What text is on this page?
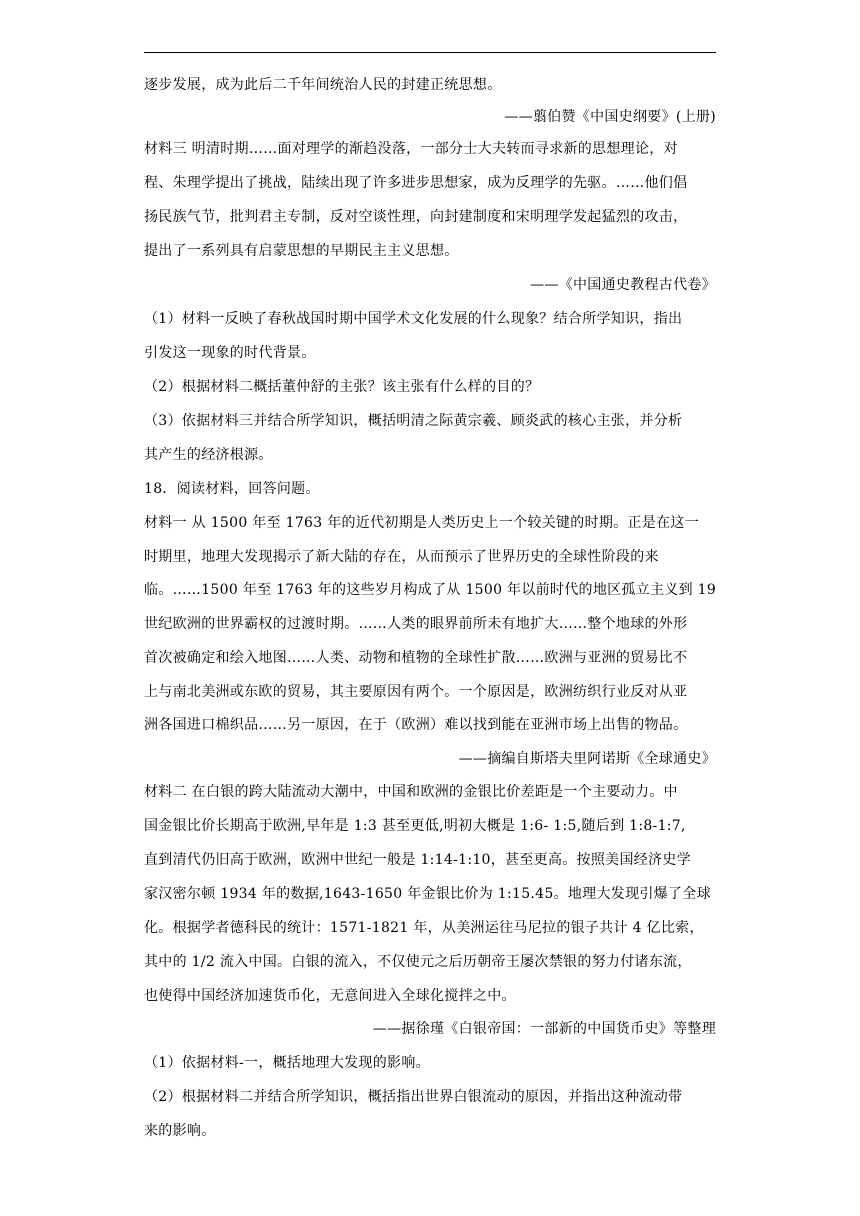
逐步发展，成为此后二千年间统治人民的封建正统思想。
——翦伯赞《中国史纲要》(上册)
材料三 明清时期……面对理学的渐趋没落，一部分士大夫转而寻求新的思想理论，对
程、朱理学提出了挑战，陆续出现了许多进步思想家，成为反理学的先驱。……他们倡
扬民族气节，批判君主专制，反对空谈性理，向封建制度和宋明理学发起猛烈的攻击，
提出了一系列具有启蒙思想的早期民主主义思想。
——《中国通史教程古代卷》
（1）材料一反映了春秋战国时期中国学术文化发展的什么现象？结合所学知识，指出
引发这一现象的时代背景。
（2）根据材料二概括董仲舒的主张？该主张有什么样的目的？
（3）依据材料三并结合所学知识，概括明清之际黄宗羲、顾炎武的核心主张，并分析
其产生的经济根源。
18．阅读材料，回答问题。
材料一 从 1500 年至 1763 年的近代初期是人类历史上一个较关键的时期。正是在这一
时期里，地理大发现揭示了新大陆的存在，从而预示了世界历史的全球性阶段的来
临。……1500 年至 1763 年的这些岁月构成了从 1500 年以前时代的地区孤立主义到 19
世纪欧洲的世界霸权的过渡时期。……人类的眼界前所未有地扩大……整个地球的外形
首次被确定和绘入地图……人类、动物和植物的全球性扩散……欧洲与亚洲的贸易比不
上与南北美洲或东欧的贸易，其主要原因有两个。一个原因是，欧洲纺织行业反对从亚
洲各国进口棉织品……另一原因，在于（欧洲）难以找到能在亚洲市场上出售的物品。
——摘编自斯塔夫里阿诺斯《全球通史》
材料二 在白银的跨大陆流动大潮中，中国和欧洲的金银比价差距是一个主要动力。中
国金银比价长期高于欧洲,早年是 1:3 甚至更低,明初大概是 1:6- 1:5,随后到 1:8-1:7,
直到清代仍旧高于欧洲，欧洲中世纪一般是 1:14-1:10，甚至更高。按照美国经济史学
家汉密尔顿 1934 年的数据,1643-1650 年金银比价为 1:15.45。地理大发现引爆了全球
化。根据学者德科民的统计：1571-1821 年，从美洲运往马尼拉的银子共计 4 亿比索，
其中的 1/2 流入中国。白银的流入，不仅使元之后历朝帝王屡次禁银的努力付诸东流，
也使得中国经济加速货币化，无意间进入全球化搅拌之中。
——据徐瑾《白银帝国：一部新的中国货币史》等整理
（1）依据材料-一，概括地理大发现的影响。
（2）根据材料二并结合所学知识，概括指出世界白银流动的原因，并指出这种流动带
来的影响。
